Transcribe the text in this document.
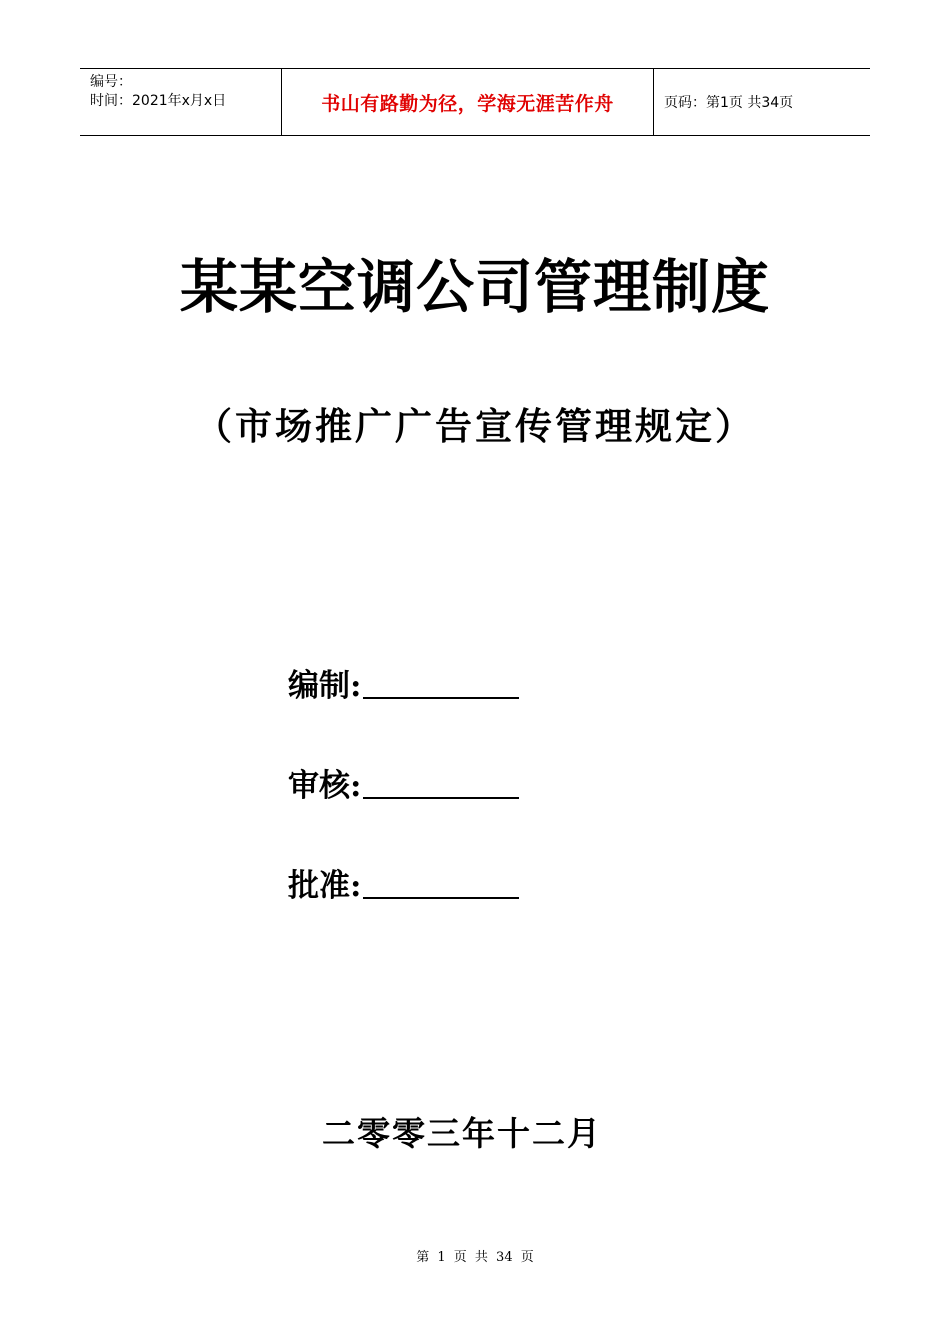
编号：
时间：2021年x月x日	书山有路勤为径，学海无涯苦作舟	页码：第1页 共34页
某某空调公司管理制度
（市场推广广告宣传管理规定）
编制:
审核:
批准:
二零零三年十二月
第 1 页 共 34 页
